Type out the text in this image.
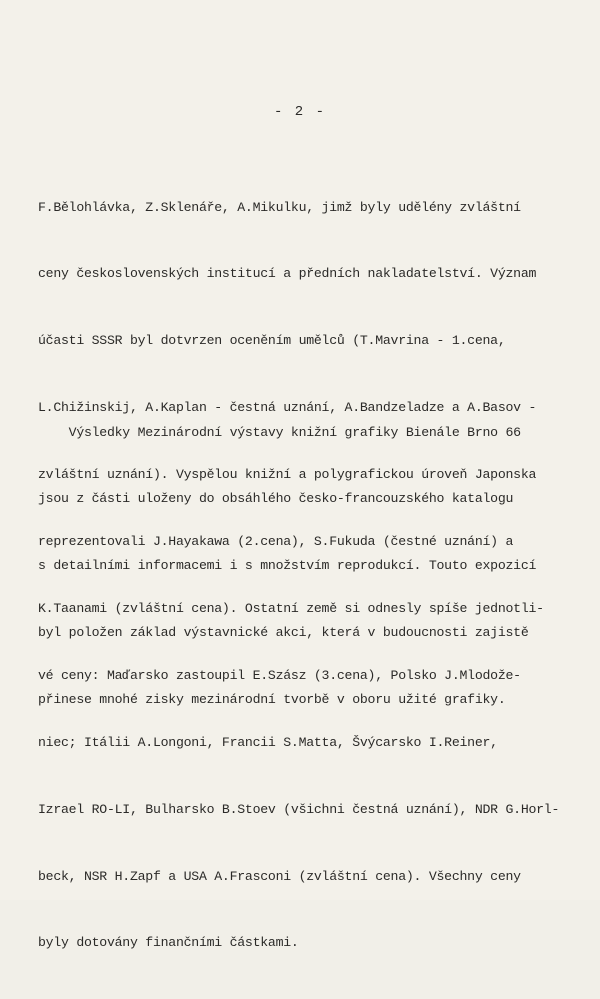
- 2 -

F.Bělohlávka, Z.Sklenáře, A.Mikulku, jimž byly udělény zvláštní

ceny československých institucí a předních nakladatelství. Význam

účasti SSSR byl dotvrzen oceněním umělců (T.Mavrina - 1.cena,

L.Chižinskij, A.Kaplan - čestná uznání, A.Bandzeladze a A.Basov -

zvláštní uznání). Vyspělou knižní a polygrafickou úroveň Japonska

reprezentovali J.Hayakawa (2.cena), S.Fukuda (čestné uznání) a

K.Taanami (zvláštní cena). Ostatní země si odnesly spíše jednotli-

vé ceny: Maďarsko zastoupil E.Szász (3.cena), Polsko J.Mlodože-

niec; Itálii A.Longoni, Francii S.Matta, Švýcarsko I.Reiner,

Izrael RO-LI, Bulharsko B.Stoev (všichni čestná uznání), NDR G.Horl-

beck, NSR H.Zapf a USA A.Frasconi (zvláštní cena). Všechny ceny

byly dotovány finančními částkami.

Výsledky Mezinárodní výstavy knižní grafiky Bienále Brno 66

jsou z části uloženy do obsáhlého česko-francouzského katalogu

s detailními informacemi i s množstvím reprodukcí. Touto expozicí

byl položen základ výstavnické akci, která v budoucnosti zajistě

přinese mnohé zisky mezinárodní tvorbě v oboru užité grafiky.
